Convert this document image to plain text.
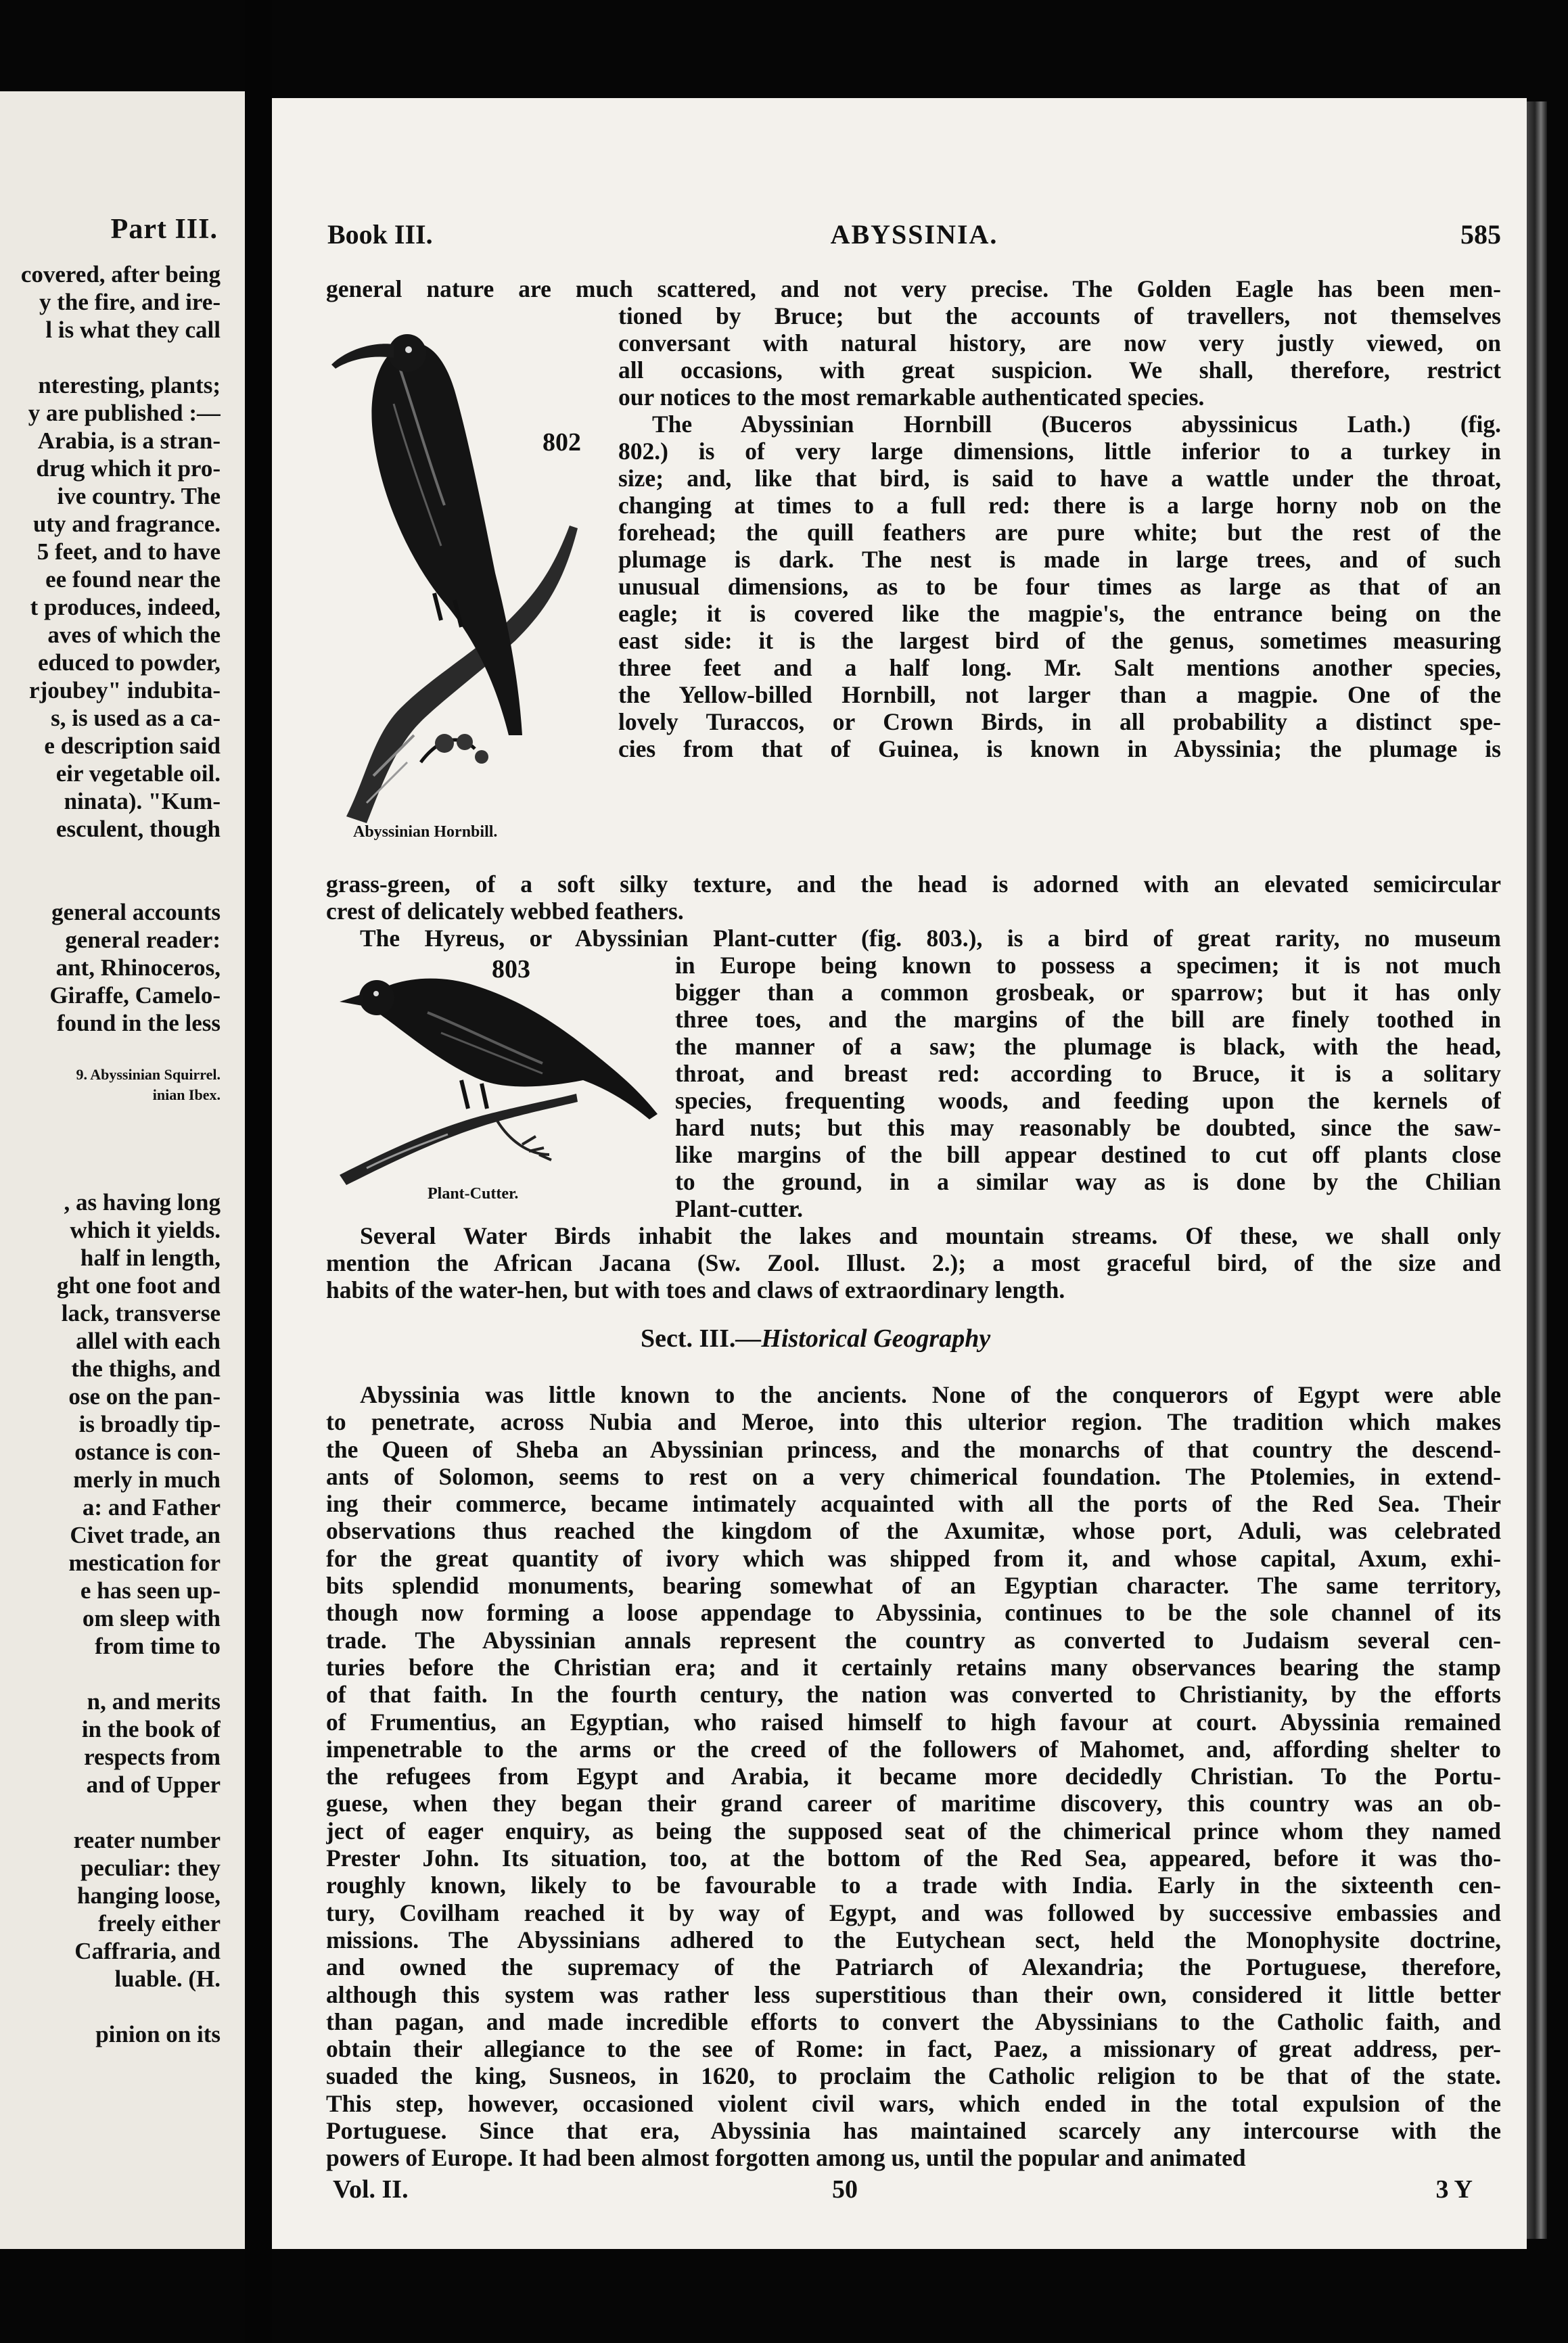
Part III.
covered, after being
y the fire, and ire-
l is what they call
nteresting, plants;
y are published :—
Arabia, is a stran-
drug which it pro-
ive country. The
uty and fragrance.
5 feet, and to have
ee found near the
t produces, indeed,
aves of which the
educed to powder,
rjoubey" indubita-
s, is used as a ca-
e description said
eir vegetable oil.
ninata). "Kum-
esculent, though
general accounts
general reader:
ant, Rhinoceros,
Giraffe, Camelo-
found in the less
9. Abyssinian Squirrel.
inian Ibex.
, as having long
which it yields.
half in length,
ght one foot and
lack, transverse
allel with each
the thighs, and
ose on the pan-
is broadly tip-
ostance is con-
merly in much
a: and Father
Civet trade, an
mestication for
e has seen up-
om sleep with
from time to
n, and merits
in the book of
respects from
and of Upper
reater number
peculiar: they
hanging loose,
freely either
Caffraria, and
luable. (H.
pinion on its
Book III.	ABYSSINIA.	585
general nature are much scattered, and not very precise. The Golden Eagle has been men-
802
Abyssinian Hornbill.
tioned by Bruce; but the accounts of travellers, not themselves
conversant with natural history, are now very justly viewed, on
all occasions, with great suspicion. We shall, therefore, restrict
our notices to the most remarkable authenticated species.
The Abyssinian Hornbill (Buceros abyssinicus Lath.) (fig.
802.) is of very large dimensions, little inferior to a turkey in
size; and, like that bird, is said to have a wattle under the throat,
changing at times to a full red: there is a large horny nob on the
forehead; the quill feathers are pure white; but the rest of the
plumage is dark. The nest is made in large trees, and of such
unusual dimensions, as to be four times as large as that of an
eagle; it is covered like the magpie's, the entrance being on the
east side: it is the largest bird of the genus, sometimes measuring
three feet and a half long. Mr. Salt mentions another species,
the Yellow-billed Hornbill, not larger than a magpie. One of the
lovely Turaccos, or Crown Birds, in all probability a distinct spe-
cies from that of Guinea, is known in Abyssinia; the plumage is
grass-green, of a soft silky texture, and the head is adorned with an elevated semicircular
crest of delicately webbed feathers.
The Hyreus, or Abyssinian Plant-cutter (fig. 803.), is a bird of great rarity, no museum
803
Plant-Cutter.
in Europe being known to possess a specimen; it is not much
bigger than a common grosbeak, or sparrow; but it has only
three toes, and the margins of the bill are finely toothed in
the manner of a saw; the plumage is black, with the head,
throat, and breast red: according to Bruce, it is a solitary
species, frequenting woods, and feeding upon the kernels of
hard nuts; but this may reasonably be doubted, since the saw-
like margins of the bill appear destined to cut off plants close
to the ground, in a similar way as is done by the Chilian
Plant-cutter.
Several Water Birds inhabit the lakes and mountain streams. Of these, we shall only
mention the African Jacana (Sw. Zool. Illust. 2.); a most graceful bird, of the size and
habits of the water-hen, but with toes and claws of extraordinary length.
Sect. III.—Historical Geography
Abyssinia was little known to the ancients. None of the conquerors of Egypt were able
to penetrate, across Nubia and Meroe, into this ulterior region. The tradition which makes
the Queen of Sheba an Abyssinian princess, and the monarchs of that country the descend-
ants of Solomon, seems to rest on a very chimerical foundation. The Ptolemies, in extend-
ing their commerce, became intimately acquainted with all the ports of the Red Sea. Their
observations thus reached the kingdom of the Axumitæ, whose port, Aduli, was celebrated
for the great quantity of ivory which was shipped from it, and whose capital, Axum, exhi-
bits splendid monuments, bearing somewhat of an Egyptian character. The same territory,
though now forming a loose appendage to Abyssinia, continues to be the sole channel of its
trade. The Abyssinian annals represent the country as converted to Judaism several cen-
turies before the Christian era; and it certainly retains many observances bearing the stamp
of that faith. In the fourth century, the nation was converted to Christianity, by the efforts
of Frumentius, an Egyptian, who raised himself to high favour at court. Abyssinia remained
impenetrable to the arms or the creed of the followers of Mahomet, and, affording shelter to
the refugees from Egypt and Arabia, it became more decidedly Christian. To the Portu-
guese, when they began their grand career of maritime discovery, this country was an ob-
ject of eager enquiry, as being the supposed seat of the chimerical prince whom they named
Prester John. Its situation, too, at the bottom of the Red Sea, appeared, before it was tho-
roughly known, likely to be favourable to a trade with India. Early in the sixteenth cen-
tury, Covilham reached it by way of Egypt, and was followed by successive embassies and
missions. The Abyssinians adhered to the Eutychean sect, held the Monophysite doctrine,
and owned the supremacy of the Patriarch of Alexandria; the Portuguese, therefore,
although this system was rather less superstitious than their own, considered it little better
than pagan, and made incredible efforts to convert the Abyssinians to the Catholic faith, and
obtain their allegiance to the see of Rome: in fact, Paez, a missionary of great address, per-
suaded the king, Susneos, in 1620, to proclaim the Catholic religion to be that of the state.
This step, however, occasioned violent civil wars, which ended in the total expulsion of the
Portuguese. Since that era, Abyssinia has maintained scarcely any intercourse with the
powers of Europe. It had been almost forgotten among us, until the popular and animated
Vol. II.	50	3 Y
